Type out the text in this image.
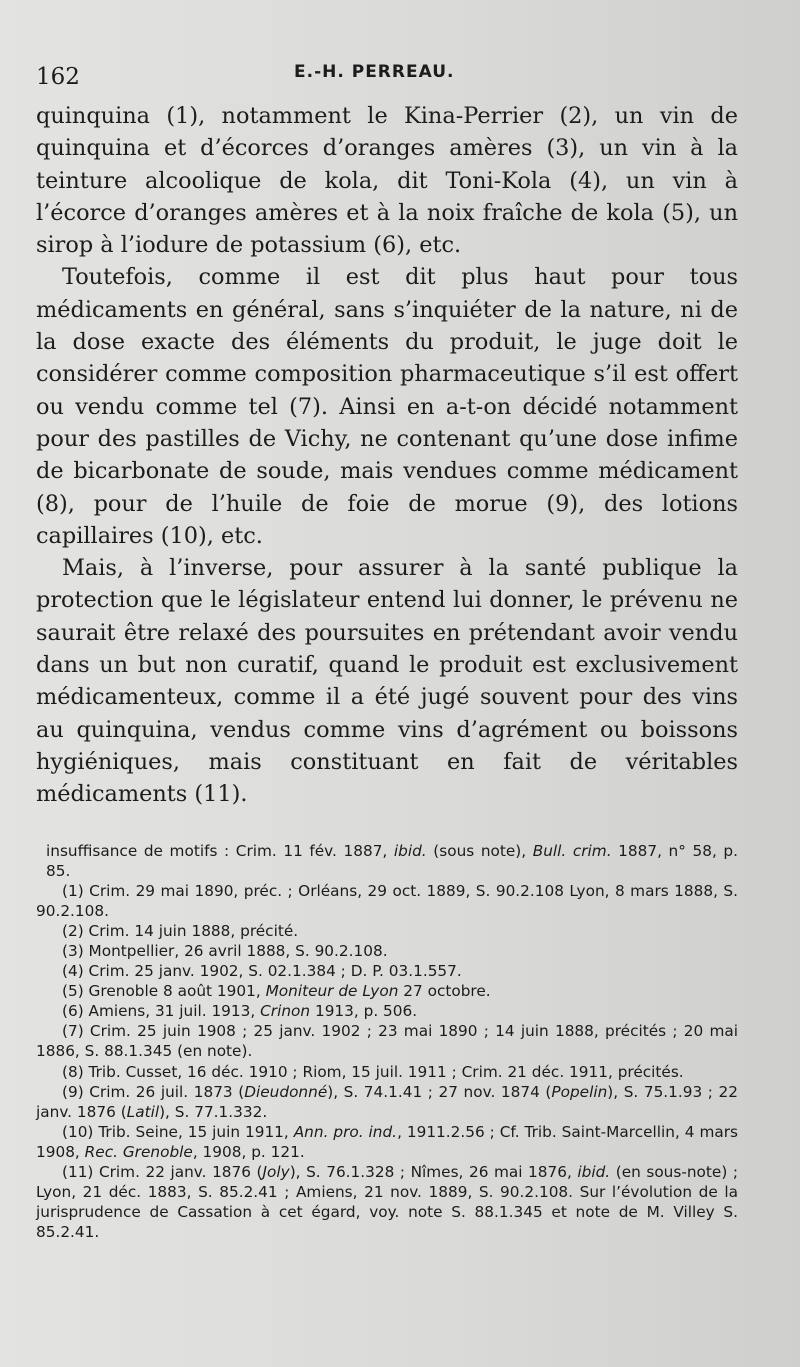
162	E.-H. PERREAU.

quinquina (1), notamment le Kina-Perrier (2), un vin de quinquina et d’écorces d’oranges amères (3), un vin à la teinture alcoolique de kola, dit Toni-Kola (4), un vin à l’écorce d’oranges amères et à la noix fraîche de kola (5), un sirop à l’iodure de potassium (6), etc.

Toutefois, comme il est dit plus haut pour tous médicaments en général, sans s’inquiéter de la nature, ni de la dose exacte des éléments du produit, le juge doit le considérer comme composition pharmaceutique s’il est offert ou vendu comme tel (7). Ainsi en a-t-on décidé notamment pour des pastilles de Vichy, ne contenant qu’une dose infime de bicarbonate de soude, mais vendues comme médicament (8), pour de l’huile de foie de morue (9), des lotions capillaires (10), etc.

Mais, à l’inverse, pour assurer à la santé publique la protection que le législateur entend lui donner, le prévenu ne saurait être relaxé des poursuites en prétendant avoir vendu dans un but non curatif, quand le produit est exclusivement médicamenteux, comme il a été jugé souvent pour des vins au quinquina, vendus comme vins d’agrément ou boissons hygiéniques, mais constituant en fait de véritables médicaments (11).

insuffisance de motifs : Crim. 11 fév. 1887, ibid. (sous note), Bull. crim. 1887, n° 58, p. 85.

(1) Crim. 29 mai 1890, préc. ; Orléans, 29 oct. 1889, S. 90.2.108 Lyon, 8 mars 1888, S. 90.2.108.

(2) Crim. 14 juin 1888, précité.

(3) Montpellier, 26 avril 1888, S. 90.2.108.

(4) Crim. 25 janv. 1902, S. 02.1.384 ; D. P. 03.1.557.

(5) Grenoble 8 août 1901, Moniteur de Lyon 27 octobre.

(6) Amiens, 31 juil. 1913, Crinon 1913, p. 506.

(7) Crim. 25 juin 1908 ; 25 janv. 1902 ; 23 mai 1890 ; 14 juin 1888, précités ; 20 mai 1886, S. 88.1.345 (en note).

(8) Trib. Cusset, 16 déc. 1910 ; Riom, 15 juil. 1911 ; Crim. 21 déc. 1911, précités.

(9) Crim. 26 juil. 1873 (Dieudonné), S. 74.1.41 ; 27 nov. 1874 (Popelin), S. 75.1.93 ; 22 janv. 1876 (Latil), S. 77.1.332.

(10) Trib. Seine, 15 juin 1911, Ann. pro. ind., 1911.2.56 ; Cf. Trib. Saint-Marcellin, 4 mars 1908, Rec. Grenoble, 1908, p. 121.

(11) Crim. 22 janv. 1876 (Joly), S. 76.1.328 ; Nîmes, 26 mai 1876, ibid. (en sous-note) ; Lyon, 21 déc. 1883, S. 85.2.41 ; Amiens, 21 nov. 1889, S. 90.2.108. Sur l’évolution de la jurisprudence de Cassation à cet égard, voy. note S. 88.1.345 et note de M. Villey S. 85.2.41.
